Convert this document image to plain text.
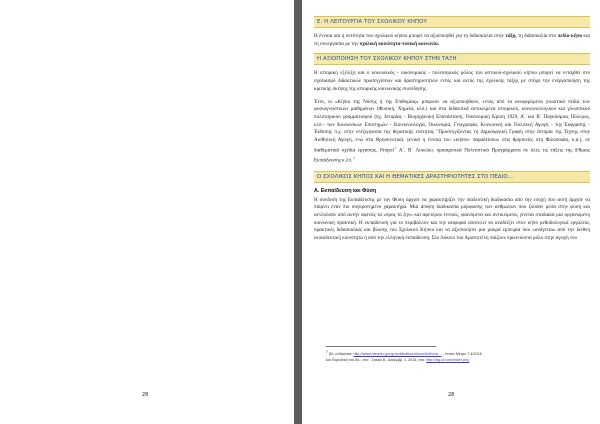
28
Ε. Η ΛΕΙΤΟΥΡΓΙΑ ΤΟΥ ΣΧΟΛΙΚΟΥ ΚΗΠΟΥ

Η έννοια και η οντότητα του σχολικού κήπου μπορεί να αξιοποιηθεί για τη διδασκαλία στην τάξη, τη διδασκαλία στο πεδίο-κήπο και τη συνεργασία με την σχολική κοινότητα-τοπική κοινωνία.

Η ΑΞΙΟΠΟΙΗΣΗ ΤΟΥ ΣΧΟΛΙΚΟΥ ΚΗΠΟΥ ΣΤΗΝ ΤΑΞΗ

Η ιστορική εξέλιξη και ο κοινωνικός - οικονομικός - πολιτισμικός ρόλος του αστικού-σχολικού κήπου μπορεί να ενταχθεί στο σχεδιασμό διδακτικών προσεγγίσεων και δραστηριοτήτων εντός και εκτός της σχολικής τάξης με στόχο την ενεργοποίηση της κριτικής σκέψης της ιστορικής κοινωνικής συνείδησης.

Έτσι, οι «Κήποι της Νύσης ή της Επιθυμίας» μπορούν να αξιοποιηθούν, εντός από τα αναφερόμενα γνωστικά πεδία των φυσιογνωστικών μαθημάτων (Φυσική, Χημεία, κλπ.) και στα διδακτικά αντικείμενα ιστορικού, κοινωνιολογικού και γλωσσικού πολιτισμικού γραμματισμού (πχ. Ιστορίας - Βιομηχανική Επανάσταση, Οικονομική Κρίση 1929, Α΄ και Β΄ Παγκόσμιος Πόλεμος, κλπ.- των Κοινωνικών Επιστημών - Κοινωνιολογία, Οικονομία, Γεωγραφία, Κοινωνική και Πολιτική Αγωγή - της Έκφρασης - Έκθεσης π.χ. στην επεξεργασία της θεματικής ενότητας "Προσεγγίζοντας τη Δημιουργική Γραφή στην Ιστορία της Τέχνης στην Αισθητική Αγωγή, ενώ στα Θρησκευτικά, γενικά η έννοια του «κήπου- παραδείσου» στις θρησκείες στη Φιλοσοφία, κ.ά.), σε διαθεματικά σχέδια εργασίας, Project$^7$ Α΄, Β΄ Λυκείου, προαιρετικά Πολιτιστικά Προγράμματα σε όλες τις τάξεις της δ/θμιας Εκπαίδευσης κ.λπ. $^7$

Ο ΣΧΟΛΙΚΟΣ ΚΗΠΟΣ ΚΑΙ Η ΘΕΜΑΤΙΚΕΣ ΔΡΑΣΤΗΡΙΟΤΗΤΕΣ ΣΤΟ ΠΕΔΙΟ...
Α. Εκπαίδευση και Φύση

Η σύνδεση της Εκπαίδευσης με την Φύση άρχισε να χαρακτηρίζει την παιδευτική διαδικασία από την εποχή που αυτή άρχισε να παίρνει έναν πιο συγκροτημένο χαρακτήρα. Μια άποψη διαδικασία μόρφωσης των ανθρώπων που ζούσαν μέσα στην φύση και αντλούσαν από αυτήν αφενός τα «προς το ζην» και αφετέρου έννοιες, φαινόμενα και αντικείμενα, γίνεται σταδιακά μια οργανωμένη κοινωνική πρακτική. Η εκπαίδευση για το περιβάλλον και την αειφορία αποτελεί να αναδείξει στον κήπο μεθοδολογικά εργαλεία, πρακτικές διδασκαλίας και βίωσης του Σχολικού Κήπου και να αξιοποιήσει μια μακρά εμπειρία που «ανάγεται» από την διεθνή εκπαιδευτική κοινότητα ή από την ελληνική εκπαίδευση. Στο Λύκειο του Αριστοτέλη παίζουν πρωτεύοντα ρόλο στην αγωγή του

$^7$ Βλ. ενδεικτικά: http://www.minedu.gov.gr/publications/docs/Aeiforia/... - Λινάκι Μέτρο 7-4/2016
και Περιοδικό του Βλ., στο : Σακκά Β., Δεκέμβρ. 1, 2015, στο: http://dig.ut.com/index.php
28
